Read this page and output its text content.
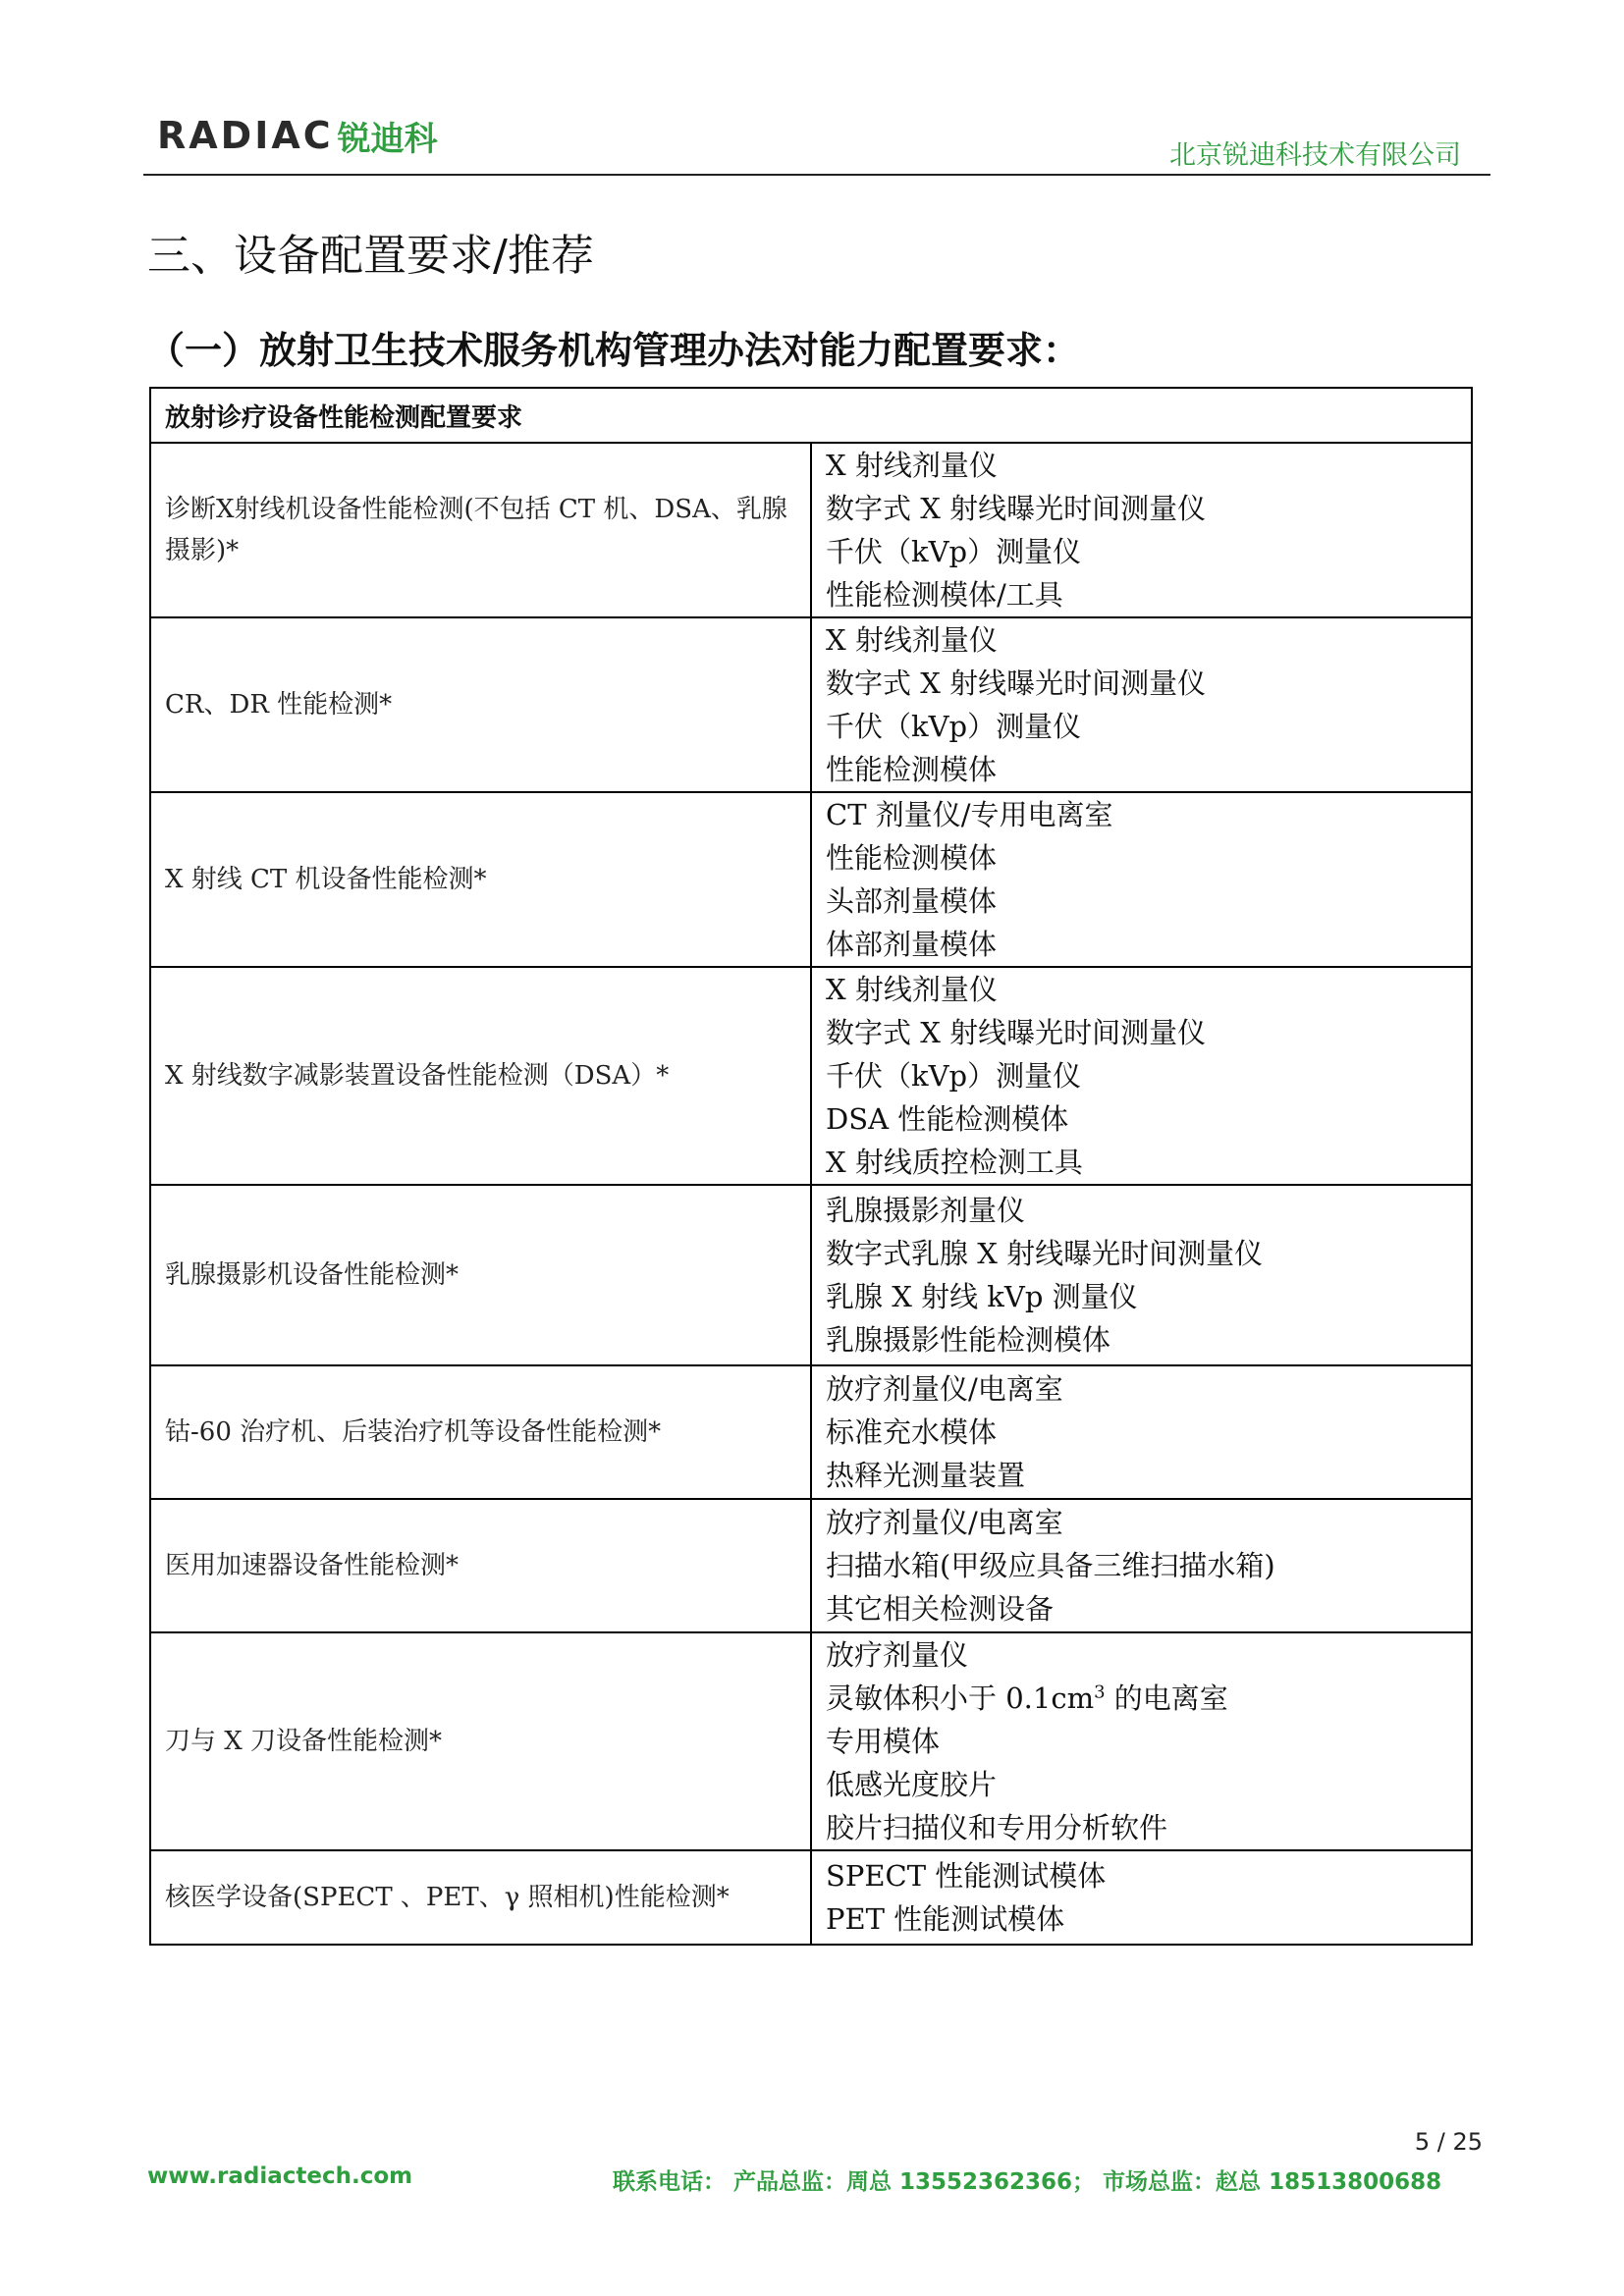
RADIAC 锐迪科	北京锐迪科技术有限公司
三、设备配置要求/推荐
（一）放射卫生技术服务机构管理办法对能力配置要求：
放射诊疗设备性能检测配置要求	
诊断X射线机设备性能检测(不包括 CT 机、DSA、乳腺摄影)*	X 射线剂量仪
数字式 X 射线曝光时间测量仪
千伏（kVp）测量仪
性能检测模体/工具

CR、DR 性能检测*	X 射线剂量仪
数字式 X 射线曝光时间测量仪
千伏（kVp）测量仪
性能检测模体

X 射线 CT 机设备性能检测*	CT 剂量仪/专用电离室
性能检测模体
头部剂量模体
体部剂量模体

X 射线数字减影装置设备性能检测（DSA）*	X 射线剂量仪
数字式 X 射线曝光时间测量仪
千伏（kVp）测量仪
DSA 性能检测模体
X 射线质控检测工具

乳腺摄影机设备性能检测*	乳腺摄影剂量仪
数字式乳腺 X 射线曝光时间测量仪
乳腺 X 射线 kVp 测量仪
乳腺摄影性能检测模体

钴-60 治疗机、后装治疗机等设备性能检测*	放疗剂量仪/电离室
标准充水模体
热释光测量装置

医用加速器设备性能检测*	放疗剂量仪/电离室
扫描水箱(甲级应具备三维扫描水箱)
其它相关检测设备

刀与 X 刀设备性能检测*	放疗剂量仪
灵敏体积小于 $0.1cm^3$ 的电离室
专用模体
低感光度胶片
胶片扫描仪和专用分析软件

核医学设备(SPECT 、PET、γ 照相机)性能检测*	SPECT 性能测试模体
PET 性能测试模体
5 / 25
www.radiactech.com	联系电话： 产品总监：周总 13552362366； 市场总监：赵总 18513800688
